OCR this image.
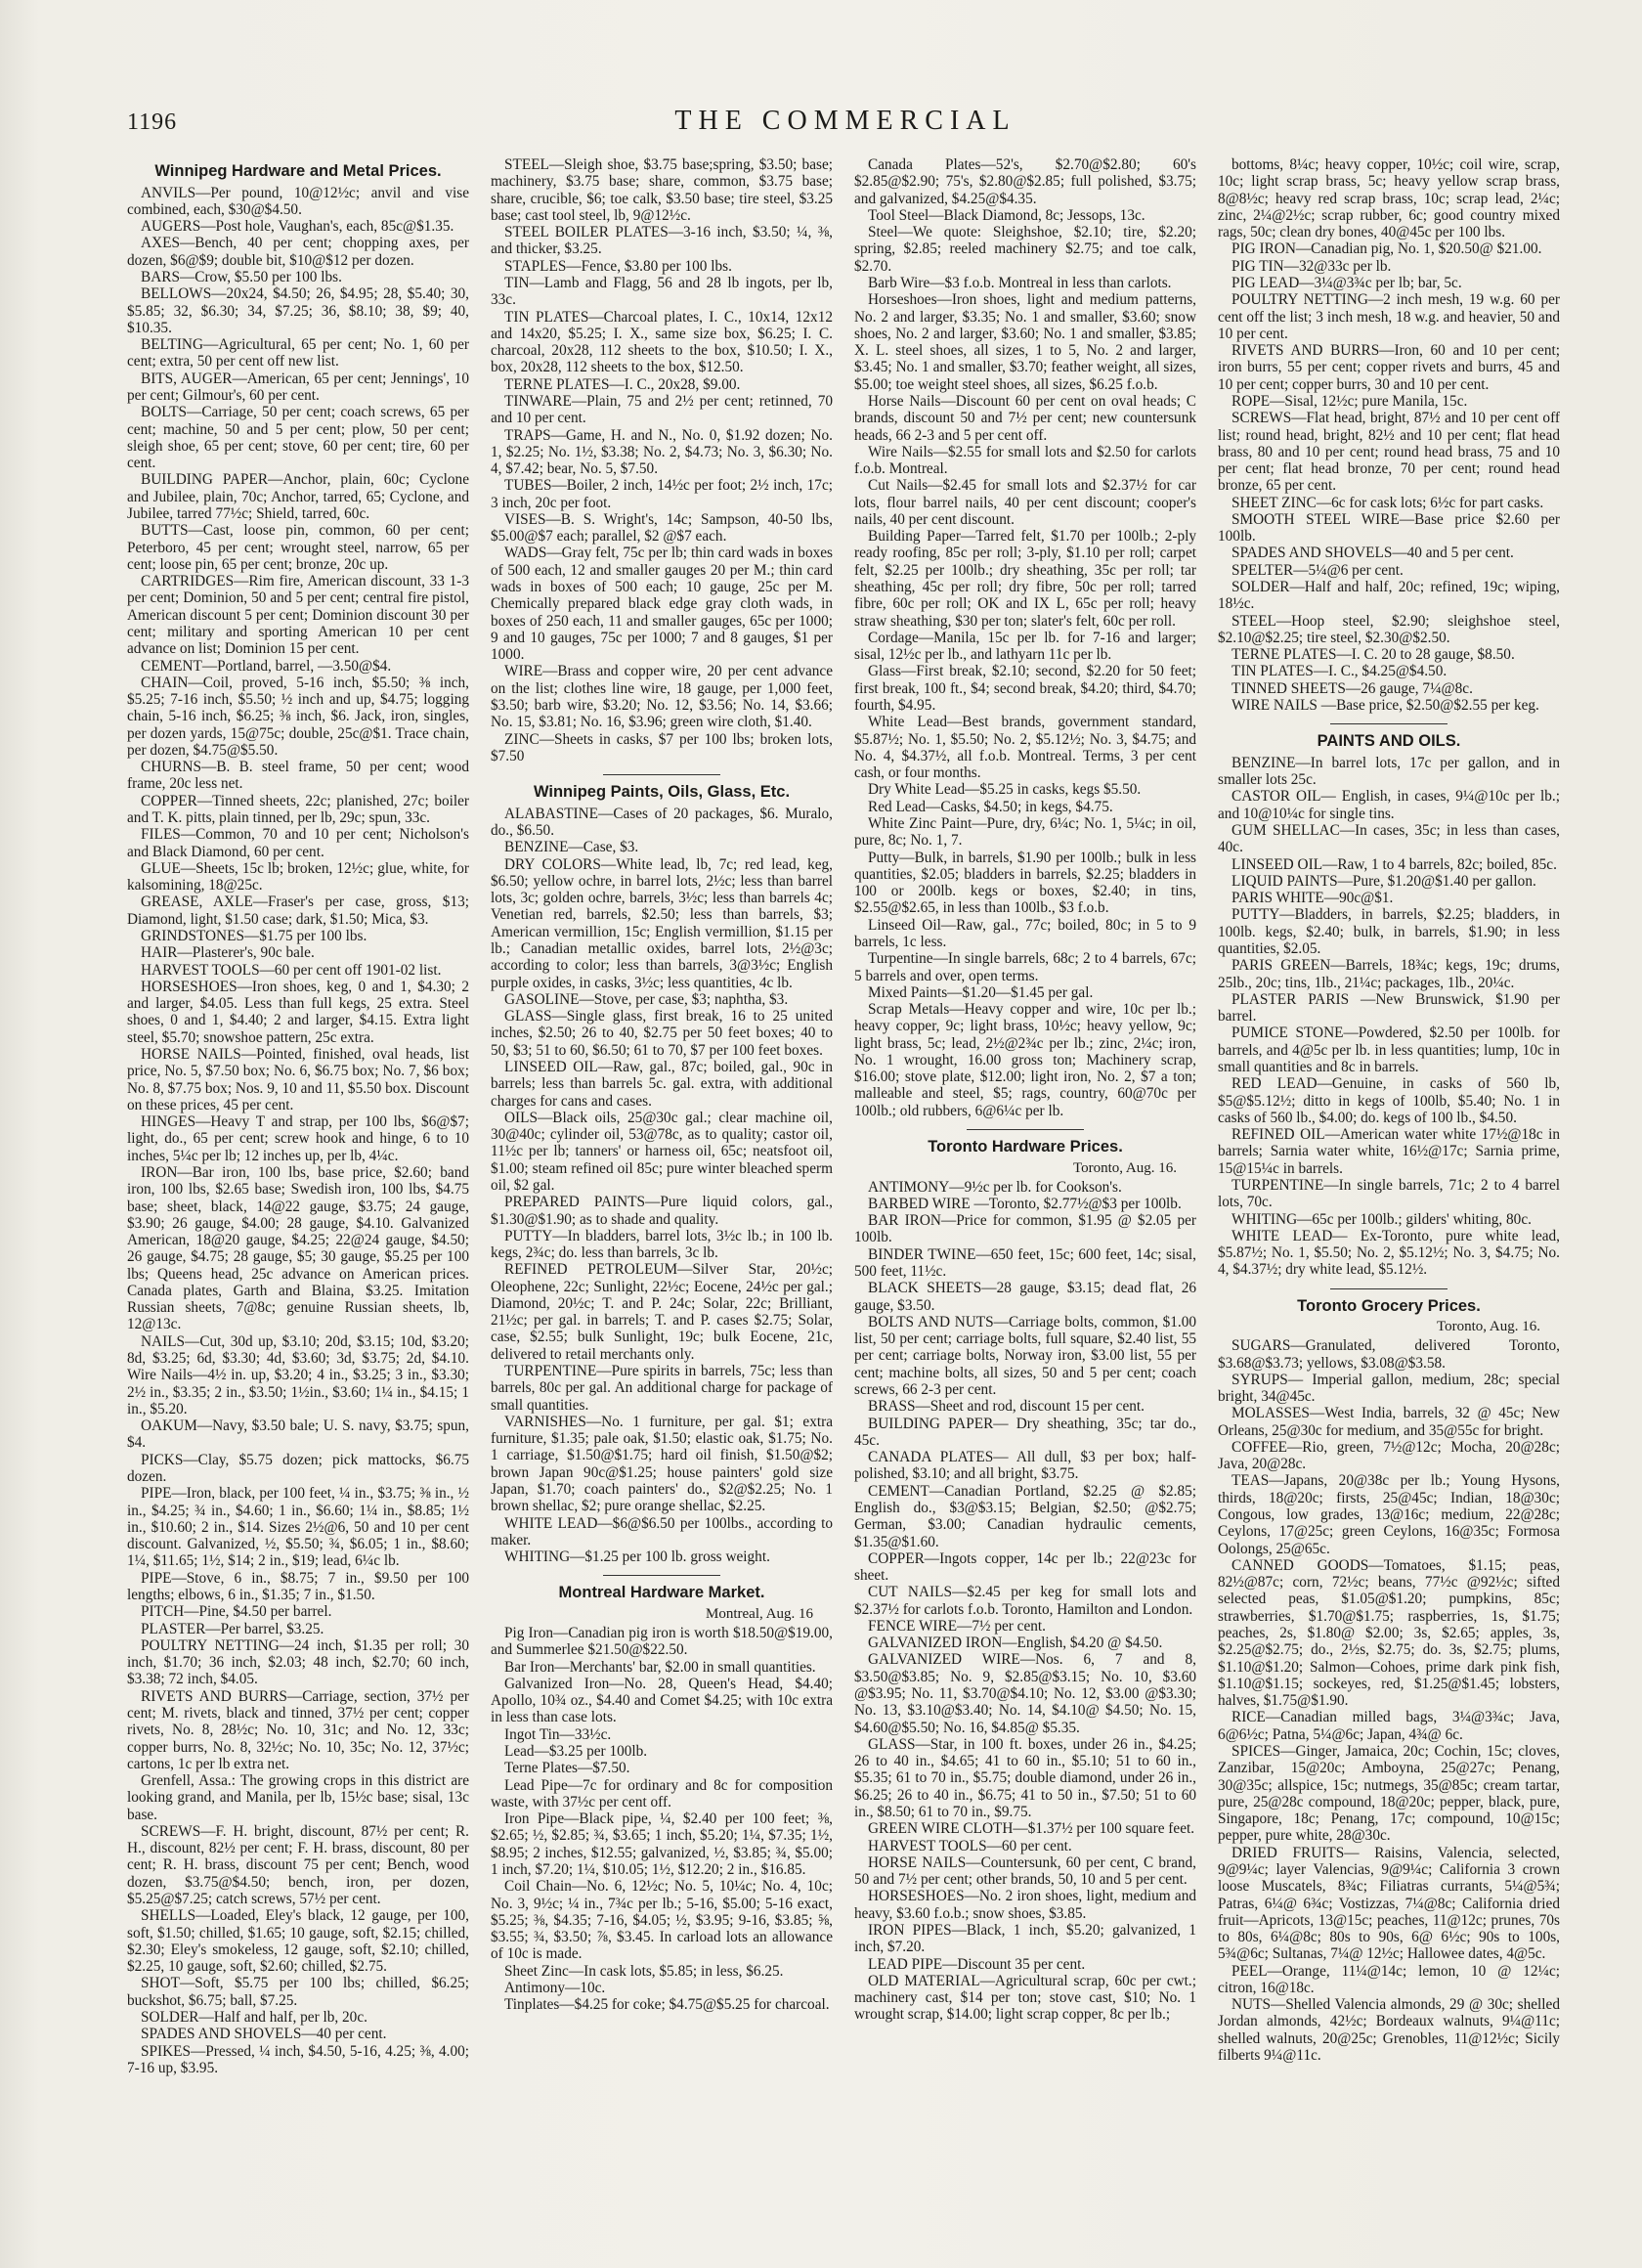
1196	THE COMMERCIAL
Winnipeg Hardware and Metal Prices.

ANVILS—Per pound, 10@12½c; anvil and vise combined, each, $30@$4.50.

AUGERS—Post hole, Vaughan's, each, 85c@$1.35.

AXES—Bench, 40 per cent; chopping axes, per dozen, $6@$9; double bit, $10@$12 per dozen.

BARS—Crow, $5.50 per 100 lbs.

BELLOWS—20x24, $4.50; 26, $4.95; 28, $5.40; 30, $5.85; 32, $6.30; 34, $7.25; 36, $8.10; 38, $9; 40, $10.35.

BELTING—Agricultural, 65 per cent; No. 1, 60 per cent; extra, 50 per cent off new list.

BITS, AUGER—American, 65 per cent; Jennings', 10 per cent; Gilmour's, 60 per cent.

BOLTS—Carriage, 50 per cent; coach screws, 65 per cent; machine, 50 and 5 per cent; plow, 50 per cent; sleigh shoe, 65 per cent; stove, 60 per cent; tire, 60 per cent.

BUILDING PAPER—Anchor, plain, 60c; Cyclone and Jubilee, plain, 70c; Anchor, tarred, 65; Cyclone, and Jubilee, tarred 77½c; Shield, tarred, 60c.

BUTTS—Cast, loose pin, common, 60 per cent; Peterboro, 45 per cent; wrought steel, narrow, 65 per cent; loose pin, 65 per cent; bronze, 20c up.

CARTRIDGES—Rim fire, American discount, 33 1-3 per cent; Dominion, 50 and 5 per cent; central fire pistol, American discount 5 per cent; Dominion discount 30 per cent; military and sporting American 10 per cent advance on list; Dominion 15 per cent.

CEMENT—Portland, barrel, —3.50@$4.

CHAIN—Coil, proved, 5-16 inch, $5.50; ⅜ inch, $5.25; 7-16 inch, $5.50; ½ inch and up, $4.75; logging chain, 5-16 inch, $6.25; ⅜ inch, $6. Jack, iron, singles, per dozen yards, 15@75c; double, 25c@$1. Trace chain, per dozen, $4.75@$5.50.

CHURNS—B. B. steel frame, 50 per cent; wood frame, 20c less net.

COPPER—Tinned sheets, 22c; planished, 27c; boiler and T. K. pitts, plain tinned, per lb, 29c; spun, 33c.

FILES—Common, 70 and 10 per cent; Nicholson's and Black Diamond, 60 per cent.

GLUE—Sheets, 15c lb; broken, 12½c; glue, white, for kalsomining, 18@25c.

GREASE, AXLE—Fraser's per case, gross, $13; Diamond, light, $1.50 case; dark, $1.50; Mica, $3.

GRINDSTONES—$1.75 per 100 lbs.

HAIR—Plasterer's, 90c bale.

HARVEST TOOLS—60 per cent off 1901-02 list.

HORSESHOES—Iron shoes, keg, 0 and 1, $4.30; 2 and larger, $4.05. Less than full kegs, 25 extra. Steel shoes, 0 and 1, $4.40; 2 and larger, $4.15. Extra light steel, $5.70; snowshoe pattern, 25c extra.

HORSE NAILS—Pointed, finished, oval heads, list price, No. 5, $7.50 box; No. 6, $6.75 box; No. 7, $6 box; No. 8, $7.75 box; Nos. 9, 10 and 11, $5.50 box. Discount on these prices, 45 per cent.

HINGES—Heavy T and strap, per 100 lbs, $6@$7; light, do., 65 per cent; screw hook and hinge, 6 to 10 inches, 5¼c per lb; 12 inches up, per lb, 4¼c.

IRON—Bar iron, 100 lbs, base price, $2.60; band iron, 100 lbs, $2.65 base; Swedish iron, 100 lbs, $4.75 base; sheet, black, 14@22 gauge, $3.75; 24 gauge, $3.90; 26 gauge, $4.00; 28 gauge, $4.10. Galvanized American, 18@20 gauge, $4.25; 22@24 gauge, $4.50; 26 gauge, $4.75; 28 gauge, $5; 30 gauge, $5.25 per 100 lbs; Queens head, 25c advance on American prices. Canada plates, Garth and Blaina, $3.25. Imitation Russian sheets, 7@8c; genuine Russian sheets, lb, 12@13c.

NAILS—Cut, 30d up, $3.10; 20d, $3.15; 10d, $3.20; 8d, $3.25; 6d, $3.30; 4d, $3.60; 3d, $3.75; 2d, $4.10. Wire Nails—4½ in. up, $3.20; 4 in., $3.25; 3 in., $3.30; 2½ in., $3.35; 2 in., $3.50; 1½in., $3.60; 1¼ in., $4.15; 1 in., $5.20.

OAKUM—Navy, $3.50 bale; U. S. navy, $3.75; spun, $4.

PICKS—Clay, $5.75 dozen; pick mattocks, $6.75 dozen.

PIPE—Iron, black, per 100 feet, ¼ in., $3.75; ⅜ in., ½ in., $4.25; ¾ in., $4.60; 1 in., $6.60; 1¼ in., $8.85; 1½ in., $10.60; 2 in., $14. Sizes 2½@6, 50 and 10 per cent discount. Galvanized, ½, $5.50; ¾, $6.05; 1 in., $8.60; 1¼, $11.65; 1½, $14; 2 in., $19; lead, 6¼c lb.

PIPE—Stove, 6 in., $8.75; 7 in., $9.50 per 100 lengths; elbows, 6 in., $1.35; 7 in., $1.50.

PITCH—Pine, $4.50 per barrel.

PLASTER—Per barrel, $3.25.

POULTRY NETTING—24 inch, $1.35 per roll; 30 inch, $1.70; 36 inch, $2.03; 48 inch, $2.70; 60 inch, $3.38; 72 inch, $4.05.

RIVETS AND BURRS—Carriage, section, 37½ per cent; M. rivets, black and tinned, 37½ per cent; copper rivets, No. 8, 28½c; No. 10, 31c; and No. 12, 33c; copper burrs, No. 8, 32½c; No. 10, 35c; No. 12, 37½c; cartons, 1c per lb extra net.

Grenfell, Assa.: The growing crops in this district are looking grand, and Manila, per lb, 15½c base; sisal, 13c base.

SCREWS—F. H. bright, discount, 87½ per cent; R. H., discount, 82½ per cent; F. H. brass, discount, 80 per cent; R. H. brass, discount 75 per cent; Bench, wood dozen, $3.75@$4.50; bench, iron, per dozen, $5.25@$7.25; catch screws, 57½ per cent.

SHELLS—Loaded, Eley's black, 12 gauge, per 100, soft, $1.50; chilled, $1.65; 10 gauge, soft, $2.15; chilled, $2.30; Eley's smokeless, 12 gauge, soft, $2.10; chilled, $2.25, 10 gauge, soft, $2.60; chilled, $2.75.

SHOT—Soft, $5.75 per 100 lbs; chilled, $6.25; buckshot, $6.75; ball, $7.25.

SOLDER—Half and half, per lb, 20c.

SPADES AND SHOVELS—40 per cent.

SPIKES—Pressed, ¼ inch, $4.50, 5-16, 4.25; ⅜, 4.00; 7-16 up, $3.95.

STEEL—Sleigh shoe, $3.75 base;spring, $3.50; base; machinery, $3.75 base; share, common, $3.75 base; share, crucible, $6; toe calk, $3.50 base; tire steel, $3.25 base; cast tool steel, lb, 9@12½c.

STEEL BOILER PLATES—3-16 inch, $3.50; ¼, ⅜, and thicker, $3.25.

STAPLES—Fence, $3.80 per 100 lbs.

TIN—Lamb and Flagg, 56 and 28 lb ingots, per lb, 33c.

TIN PLATES—Charcoal plates, I. C., 10x14, 12x12 and 14x20, $5.25; I. X., same size box, $6.25; I. C. charcoal, 20x28, 112 sheets to the box, $10.50; I. X., box, 20x28, 112 sheets to the box, $12.50.

TERNE PLATES—I. C., 20x28, $9.00.

TINWARE—Plain, 75 and 2½ per cent; retinned, 70 and 10 per cent.

TRAPS—Game, H. and N., No. 0, $1.92 dozen; No. 1, $2.25; No. 1½, $3.38; No. 2, $4.73; No. 3, $6.30; No. 4, $7.42; bear, No. 5, $7.50.

TUBES—Boiler, 2 inch, 14½c per foot; 2½ inch, 17c; 3 inch, 20c per foot.

VISES—B. S. Wright's, 14c; Sampson, 40-50 lbs, $5.00@$7 each; parallel, $2 @$7 each.

WADS—Gray felt, 75c per lb; thin card wads in boxes of 500 each, 12 and smaller gauges 20 per M.; thin card wads in boxes of 500 each; 10 gauge, 25c per M. Chemically prepared black edge gray cloth wads, in boxes of 250 each, 11 and smaller gauges, 65c per 1000; 9 and 10 gauges, 75c per 1000; 7 and 8 gauges, $1 per 1000.

WIRE—Brass and copper wire, 20 per cent advance on the list; clothes line wire, 18 gauge, per 1,000 feet, $3.50; barb wire, $3.20; No. 12, $3.56; No. 14, $3.66; No. 15, $3.81; No. 16, $3.96; green wire cloth, $1.40.

ZINC—Sheets in casks, $7 per 100 lbs; broken lots, $7.50

Winnipeg Paints, Oils, Glass, Etc.

ALABASTINE—Cases of 20 packages, $6. Muralo, do., $6.50.

BENZINE—Case, $3.

DRY COLORS—White lead, lb, 7c; red lead, keg, $6.50; yellow ochre, in barrel lots, 2½c; less than barrel lots, 3c; golden ochre, barrels, 3½c; less than barrels 4c; Venetian red, barrels, $2.50; less than barrels, $3; American vermillion, 15c; English vermillion, $1.15 per lb.; Canadian metallic oxides, barrel lots, 2½@3c; according to color; less than barrels, 3@3½c; English purple oxides, in casks, 3½c; less quantities, 4c lb.

GASOLINE—Stove, per case, $3; naphtha, $3.

GLASS—Single glass, first break, 16 to 25 united inches, $2.50; 26 to 40, $2.75 per 50 feet boxes; 40 to 50, $3; 51 to 60, $6.50; 61 to 70, $7 per 100 feet boxes.

LINSEED OIL—Raw, gal., 87c; boiled, gal., 90c in barrels; less than barrels 5c. gal. extra, with additional charges for cans and cases.

OILS—Black oils, 25@30c gal.; clear machine oil, 30@40c; cylinder oil, 53@78c, as to quality; castor oil, 11½c per lb; tanners' or harness oil, 65c; neatsfoot oil, $1.00; steam refined oil 85c; pure winter bleached sperm oil, $2 gal.

PREPARED PAINTS—Pure liquid colors, gal., $1.30@$1.90; as to shade and quality.

PUTTY—In bladders, barrel lots, 3½c lb.; in 100 lb. kegs, 2¾c; do. less than barrels, 3c lb.

REFINED PETROLEUM—Silver Star, 20½c; Oleophene, 22c; Sunlight, 22½c; Eocene, 24½c per gal.; Diamond, 20½c; T. and P. 24c; Solar, 22c; Brilliant, 21½c; per gal. in barrels; T. and P. cases $2.75; Solar, case, $2.55; bulk Sunlight, 19c; bulk Eocene, 21c, delivered to retail merchants only.

TURPENTINE—Pure spirits in barrels, 75c; less than barrels, 80c per gal. An additional charge for package of small quantities.

VARNISHES—No. 1 furniture, per gal. $1; extra furniture, $1.35; pale oak, $1.50; elastic oak, $1.75; No. 1 carriage, $1.50@$1.75; hard oil finish, $1.50@$2; brown Japan 90c@$1.25; house painters' gold size Japan, $1.70; coach painters' do., $2@$2.25; No. 1 brown shellac, $2; pure orange shellac, $2.25.

WHITE LEAD—$6@$6.50 per 100lbs., according to maker.

WHITING—$1.25 per 100 lb. gross weight.

Montreal Hardware Market.
Montreal, Aug. 16

Pig Iron—Canadian pig iron is worth $18.50@$19.00, and Summerlee $21.50@$22.50.

Bar Iron—Merchants' bar, $2.00 in small quantities.

Galvanized Iron—No. 28, Queen's Head, $4.40; Apollo, 10¾ oz., $4.40 and Comet $4.25; with 10c extra in less than case lots.

Ingot Tin—33½c.

Lead—$3.25 per 100lb.

Terne Plates—$7.50.

Lead Pipe—7c for ordinary and 8c for composition waste, with 37½c per cent off.

Iron Pipe—Black pipe, ¼, $2.40 per 100 feet; ⅜, $2.65; ½, $2.85; ¾, $3.65; 1 inch, $5.20; 1¼, $7.35; 1½, $8.95; 2 inches, $12.55; galvanized, ½, $3.85; ¾, $5.00; 1 inch, $7.20; 1¼, $10.05; 1½, $12.20; 2 in., $16.85.

Coil Chain—No. 6, 12½c; No. 5, 10¼c; No. 4, 10c; No. 3, 9½c; ¼ in., 7¾c per lb.; 5-16, $5.00; 5-16 exact, $5.25; ⅜, $4.35; 7-16, $4.05; ½, $3.95; 9-16, $3.85; ⅝, $3.55; ¾, $3.50; ⅞, $3.45. In carload lots an allowance of 10c is made.

Sheet Zinc—In cask lots, $5.85; in less, $6.25.

Antimony—10c.

Tinplates—$4.25 for coke; $4.75@$5.25 for charcoal.

Canada Plates—52's, $2.70@$2.80; 60's $2.85@$2.90; 75's, $2.80@$2.85; full polished, $3.75; and galvanized, $4.25@$4.35.

Tool Steel—Black Diamond, 8c; Jessops, 13c.

Steel—We quote: Sleighshoe, $2.10; tire, $2.20; spring, $2.85; reeled machinery $2.75; and toe calk, $2.70.

Barb Wire—$3 f.o.b. Montreal in less than carlots.

Horseshoes—Iron shoes, light and medium patterns, No. 2 and larger, $3.35; No. 1 and smaller, $3.60; snow shoes, No. 2 and larger, $3.60; No. 1 and smaller, $3.85; X. L. steel shoes, all sizes, 1 to 5, No. 2 and larger, $3.45; No. 1 and smaller, $3.70; feather weight, all sizes, $5.00; toe weight steel shoes, all sizes, $6.25 f.o.b.

Horse Nails—Discount 60 per cent on oval heads; C brands, discount 50 and 7½ per cent; new countersunk heads, 66 2-3 and 5 per cent off.

Wire Nails—$2.55 for small lots and $2.50 for carlots f.o.b. Montreal.

Cut Nails—$2.45 for small lots and $2.37½ for car lots, flour barrel nails, 40 per cent discount; cooper's nails, 40 per cent discount.

Building Paper—Tarred felt, $1.70 per 100lb.; 2-ply ready roofing, 85c per roll; 3-ply, $1.10 per roll; carpet felt, $2.25 per 100lb.; dry sheathing, 35c per roll; tar sheathing, 45c per roll; dry fibre, 50c per roll; tarred fibre, 60c per roll; OK and IX L, 65c per roll; heavy straw sheathing, $30 per ton; slater's felt, 60c per roll.

Cordage—Manila, 15c per lb. for 7-16 and larger; sisal, 12½c per lb., and lathyarn 11c per lb.

Glass—First break, $2.10; second, $2.20 for 50 feet; first break, 100 ft., $4; second break, $4.20; third, $4.70; fourth, $4.95.

White Lead—Best brands, government standard, $5.87½; No. 1, $5.50; No. 2, $5.12½; No. 3, $4.75; and No. 4, $4.37½, all f.o.b. Montreal. Terms, 3 per cent cash, or four months.

Dry White Lead—$5.25 in casks, kegs $5.50.

Red Lead—Casks, $4.50; in kegs, $4.75.

White Zinc Paint—Pure, dry, 6¼c; No. 1, 5¼c; in oil, pure, 8c; No. 1, 7.

Putty—Bulk, in barrels, $1.90 per 100lb.; bulk in less quantities, $2.05; bladders in barrels, $2.25; bladders in 100 or 200lb. kegs or boxes, $2.40; in tins, $2.55@$2.65, in less than 100lb., $3 f.o.b.

Linseed Oil—Raw, gal., 77c; boiled, 80c; in 5 to 9 barrels, 1c less.

Turpentine—In single barrels, 68c; 2 to 4 barrels, 67c; 5 barrels and over, open terms.

Mixed Paints—$1.20—$1.45 per gal.

Scrap Metals—Heavy copper and wire, 10c per lb.; heavy copper, 9c; light brass, 10½c; heavy yellow, 9c; light brass, 5c; lead, 2½@2¾c per lb.; zinc, 2¼c; iron, No. 1 wrought, 16.00 gross ton; Machinery scrap, $16.00; stove plate, $12.00; light iron, No. 2, $7 a ton; malleable and steel, $5; rags, country, 60@70c per 100lb.; old rubbers, 6@6¼c per lb.

Toronto Hardware Prices.
Toronto, Aug. 16.

ANTIMONY—9½c per lb. for Cookson's.

BARBED WIRE —Toronto, $2.77½@$3 per 100lb.

BAR IRON—Price for common, $1.95 @ $2.05 per 100lb.

BINDER TWINE—650 feet, 15c; 600 feet, 14c; sisal, 500 feet, 11½c.

BLACK SHEETS—28 gauge, $3.15; dead flat, 26 gauge, $3.50.

BOLTS AND NUTS—Carriage bolts, common, $1.00 list, 50 per cent; carriage bolts, full square, $2.40 list, 55 per cent; carriage bolts, Norway iron, $3.00 list, 55 per cent; machine bolts, all sizes, 50 and 5 per cent; coach screws, 66 2-3 per cent.

BRASS—Sheet and rod, discount 15 per cent.

BUILDING PAPER— Dry sheathing, 35c; tar do., 45c.

CANADA PLATES— All dull, $3 per box; half-polished, $3.10; and all bright, $3.75.

CEMENT—Canadian Portland, $2.25 @ $2.85; English do., $3@$3.15; Belgian, $2.50; @$2.75; German, $3.00; Canadian hydraulic cements, $1.35@$1.60.

COPPER—Ingots copper, 14c per lb.; 22@23c for sheet.

CUT NAILS—$2.45 per keg for small lots and $2.37½ for carlots f.o.b. Toronto, Hamilton and London.

FENCE WIRE—7½ per cent.

GALVANIZED IRON—English, $4.20 @ $4.50.

GALVANIZED WIRE—Nos. 6, 7 and 8, $3.50@$3.85; No. 9, $2.85@$3.15; No. 10, $3.60 @$3.95; No. 11, $3.70@$4.10; No. 12, $3.00 @$3.30; No. 13, $3.10@$3.40; No. 14, $4.10@ $4.50; No. 15, $4.60@$5.50; No. 16, $4.85@ $5.35.

GLASS—Star, in 100 ft. boxes, under 26 in., $4.25; 26 to 40 in., $4.65; 41 to 60 in., $5.10; 51 to 60 in., $5.35; 61 to 70 in., $5.75; double diamond, under 26 in., $6.25; 26 to 40 in., $6.75; 41 to 50 in., $7.50; 51 to 60 in., $8.50; 61 to 70 in., $9.75.

GREEN WIRE CLOTH—$1.37½ per 100 square feet.

HARVEST TOOLS—60 per cent.

HORSE NAILS—Countersunk, 60 per cent, C brand, 50 and 7½ per cent; other brands, 50, 10 and 5 per cent.

HORSESHOES—No. 2 iron shoes, light, medium and heavy, $3.60 f.o.b.; snow shoes, $3.85.

IRON PIPES—Black, 1 inch, $5.20; galvanized, 1 inch, $7.20.

LEAD PIPE—Discount 35 per cent.

OLD MATERIAL—Agricultural scrap, 60c per cwt.; machinery cast, $14 per ton; stove cast, $10; No. 1 wrought scrap, $14.00; light scrap copper, 8c per lb.;

bottoms, 8¼c; heavy copper, 10½c; coil wire, scrap, 10c; light scrap brass, 5c; heavy yellow scrap brass, 8@8½c; heavy red scrap brass, 10c; scrap lead, 2¼c; zinc, 2¼@2½c; scrap rubber, 6c; good country mixed rags, 50c; clean dry bones, 40@45c per 100 lbs.

PIG IRON—Canadian pig, No. 1, $20.50@ $21.00.

PIG TIN—32@33c per lb.

PIG LEAD—3¼@3¾c per lb; bar, 5c.

POULTRY NETTING—2 inch mesh, 19 w.g. 60 per cent off the list; 3 inch mesh, 18 w.g. and heavier, 50 and 10 per cent.

RIVETS AND BURRS—Iron, 60 and 10 per cent; iron burrs, 55 per cent; copper rivets and burrs, 45 and 10 per cent; copper burrs, 30 and 10 per cent.

ROPE—Sisal, 12½c; pure Manila, 15c.

SCREWS—Flat head, bright, 87½ and 10 per cent off list; round head, bright, 82½ and 10 per cent; flat head brass, 80 and 10 per cent; round head brass, 75 and 10 per cent; flat head bronze, 70 per cent; round head bronze, 65 per cent.

SHEET ZINC—6c for cask lots; 6½c for part casks.

SMOOTH STEEL WIRE—Base price $2.60 per 100lb.

SPADES AND SHOVELS—40 and 5 per cent.

SPELTER—5¼@6 per cent.

SOLDER—Half and half, 20c; refined, 19c; wiping, 18½c.

STEEL—Hoop steel, $2.90; sleighshoe steel, $2.10@$2.25; tire steel, $2.30@$2.50.

TERNE PLATES—I. C. 20 to 28 gauge, $8.50.

TIN PLATES—I. C., $4.25@$4.50.

TINNED SHEETS—26 gauge, 7¼@8c.

WIRE NAILS —Base price, $2.50@$2.55 per keg.

PAINTS AND OILS.

BENZINE—In barrel lots, 17c per gallon, and in smaller lots 25c.

CASTOR OIL— English, in cases, 9¼@10c per lb.; and 10@10¼c for single tins.

GUM SHELLAC—In cases, 35c; in less than cases, 40c.

LINSEED OIL—Raw, 1 to 4 barrels, 82c; boiled, 85c.

LIQUID PAINTS—Pure, $1.20@$1.40 per gallon.

PARIS WHITE—90c@$1.

PUTTY—Bladders, in barrels, $2.25; bladders, in 100lb. kegs, $2.40; bulk, in barrels, $1.90; in less quantities, $2.05.

PARIS GREEN—Barrels, 18¾c; kegs, 19c; drums, 25lb., 20c; tins, 1lb., 21¼c; packages, 1lb., 20¼c.

PLASTER PARIS —New Brunswick, $1.90 per barrel.

PUMICE STONE—Powdered, $2.50 per 100lb. for barrels, and 4@5c per lb. in less quantities; lump, 10c in small quantities and 8c in barrels.

RED LEAD—Genuine, in casks of 560 lb, $5@$5.12½; ditto in kegs of 100lb, $5.40; No. 1 in casks of 560 lb., $4.00; do. kegs of 100 lb., $4.50.

REFINED OIL—American water white 17½@18c in barrels; Sarnia water white, 16½@17c; Sarnia prime, 15@15¼c in barrels.

TURPENTINE—In single barrels, 71c; 2 to 4 barrel lots, 70c.

WHITING—65c per 100lb.; gilders' whiting, 80c.

WHITE LEAD— Ex-Toronto, pure white lead, $5.87½; No. 1, $5.50; No. 2, $5.12½; No. 3, $4.75; No. 4, $4.37½; dry white lead, $5.12½.

Toronto Grocery Prices.
Toronto, Aug. 16.

SUGARS—Granulated, delivered Toronto, $3.68@$3.73; yellows, $3.08@$3.58.

SYRUPS— Imperial gallon, medium, 28c; special bright, 34@45c.

MOLASSES—West India, barrels, 32 @ 45c; New Orleans, 25@30c for medium, and 35@55c for bright.

COFFEE—Rio, green, 7½@12c; Mocha, 20@28c; Java, 20@28c.

TEAS—Japans, 20@38c per lb.; Young Hysons, thirds, 18@20c; firsts, 25@45c; Indian, 18@30c; Congous, low grades, 13@16c; medium, 22@28c; Ceylons, 17@25c; green Ceylons, 16@35c; Formosa Oolongs, 25@65c.

CANNED GOODS—Tomatoes, $1.15; peas, 82½@87c; corn, 72½c; beans, 77½c @92½c; sifted selected peas, $1.05@$1.20; pumpkins, 85c; strawberries, $1.70@$1.75; raspberries, 1s, $1.75; peaches, 2s, $1.80@ $2.00; 3s, $2.65; apples, 3s, $2.25@$2.75; do., 2½s, $2.75; do. 3s, $2.75; plums, $1.10@$1.20; Salmon—Cohoes, prime dark pink fish, $1.10@$1.15; sockeyes, red, $1.25@$1.45; lobsters, halves, $1.75@$1.90.

RICE—Canadian milled bags, 3¼@3¾c; Java, 6@6½c; Patna, 5¼@6c; Japan, 4¾@ 6c.

SPICES—Ginger, Jamaica, 20c; Cochin, 15c; cloves, Zanzibar, 15@20c; Amboyna, 25@27c; Penang, 30@35c; allspice, 15c; nutmegs, 35@85c; cream tartar, pure, 25@28c compound, 18@20c; pepper, black, pure, Singapore, 18c; Penang, 17c; compound, 10@15c; pepper, pure white, 28@30c.

DRIED FRUITS— Raisins, Valencia, selected, 9@9¼c; layer Valencias, 9@9¼c; California 3 crown loose Muscatels, 8¾c; Filiatras currants, 5¼@5¾; Patras, 6¼@ 6¾c; Vostizzas, 7¼@8c; California dried fruit—Apricots, 13@15c; peaches, 11@12c; prunes, 70s to 80s, 6¼@8c; 80s to 90s, 6@ 6½c; 90s to 100s, 5¾@6c; Sultanas, 7¼@ 12½c; Hallowee dates, 4@5c.

PEEL—Orange, 11¼@14c; lemon, 10 @ 12¼c; citron, 16@18c.

NUTS—Shelled Valencia almonds, 29 @ 30c; shelled Jordan almonds, 42½c; Bordeaux walnuts, 9¼@11c; shelled walnuts, 20@25c; Grenobles, 11@12½c; Sicily filberts 9¼@11c.
